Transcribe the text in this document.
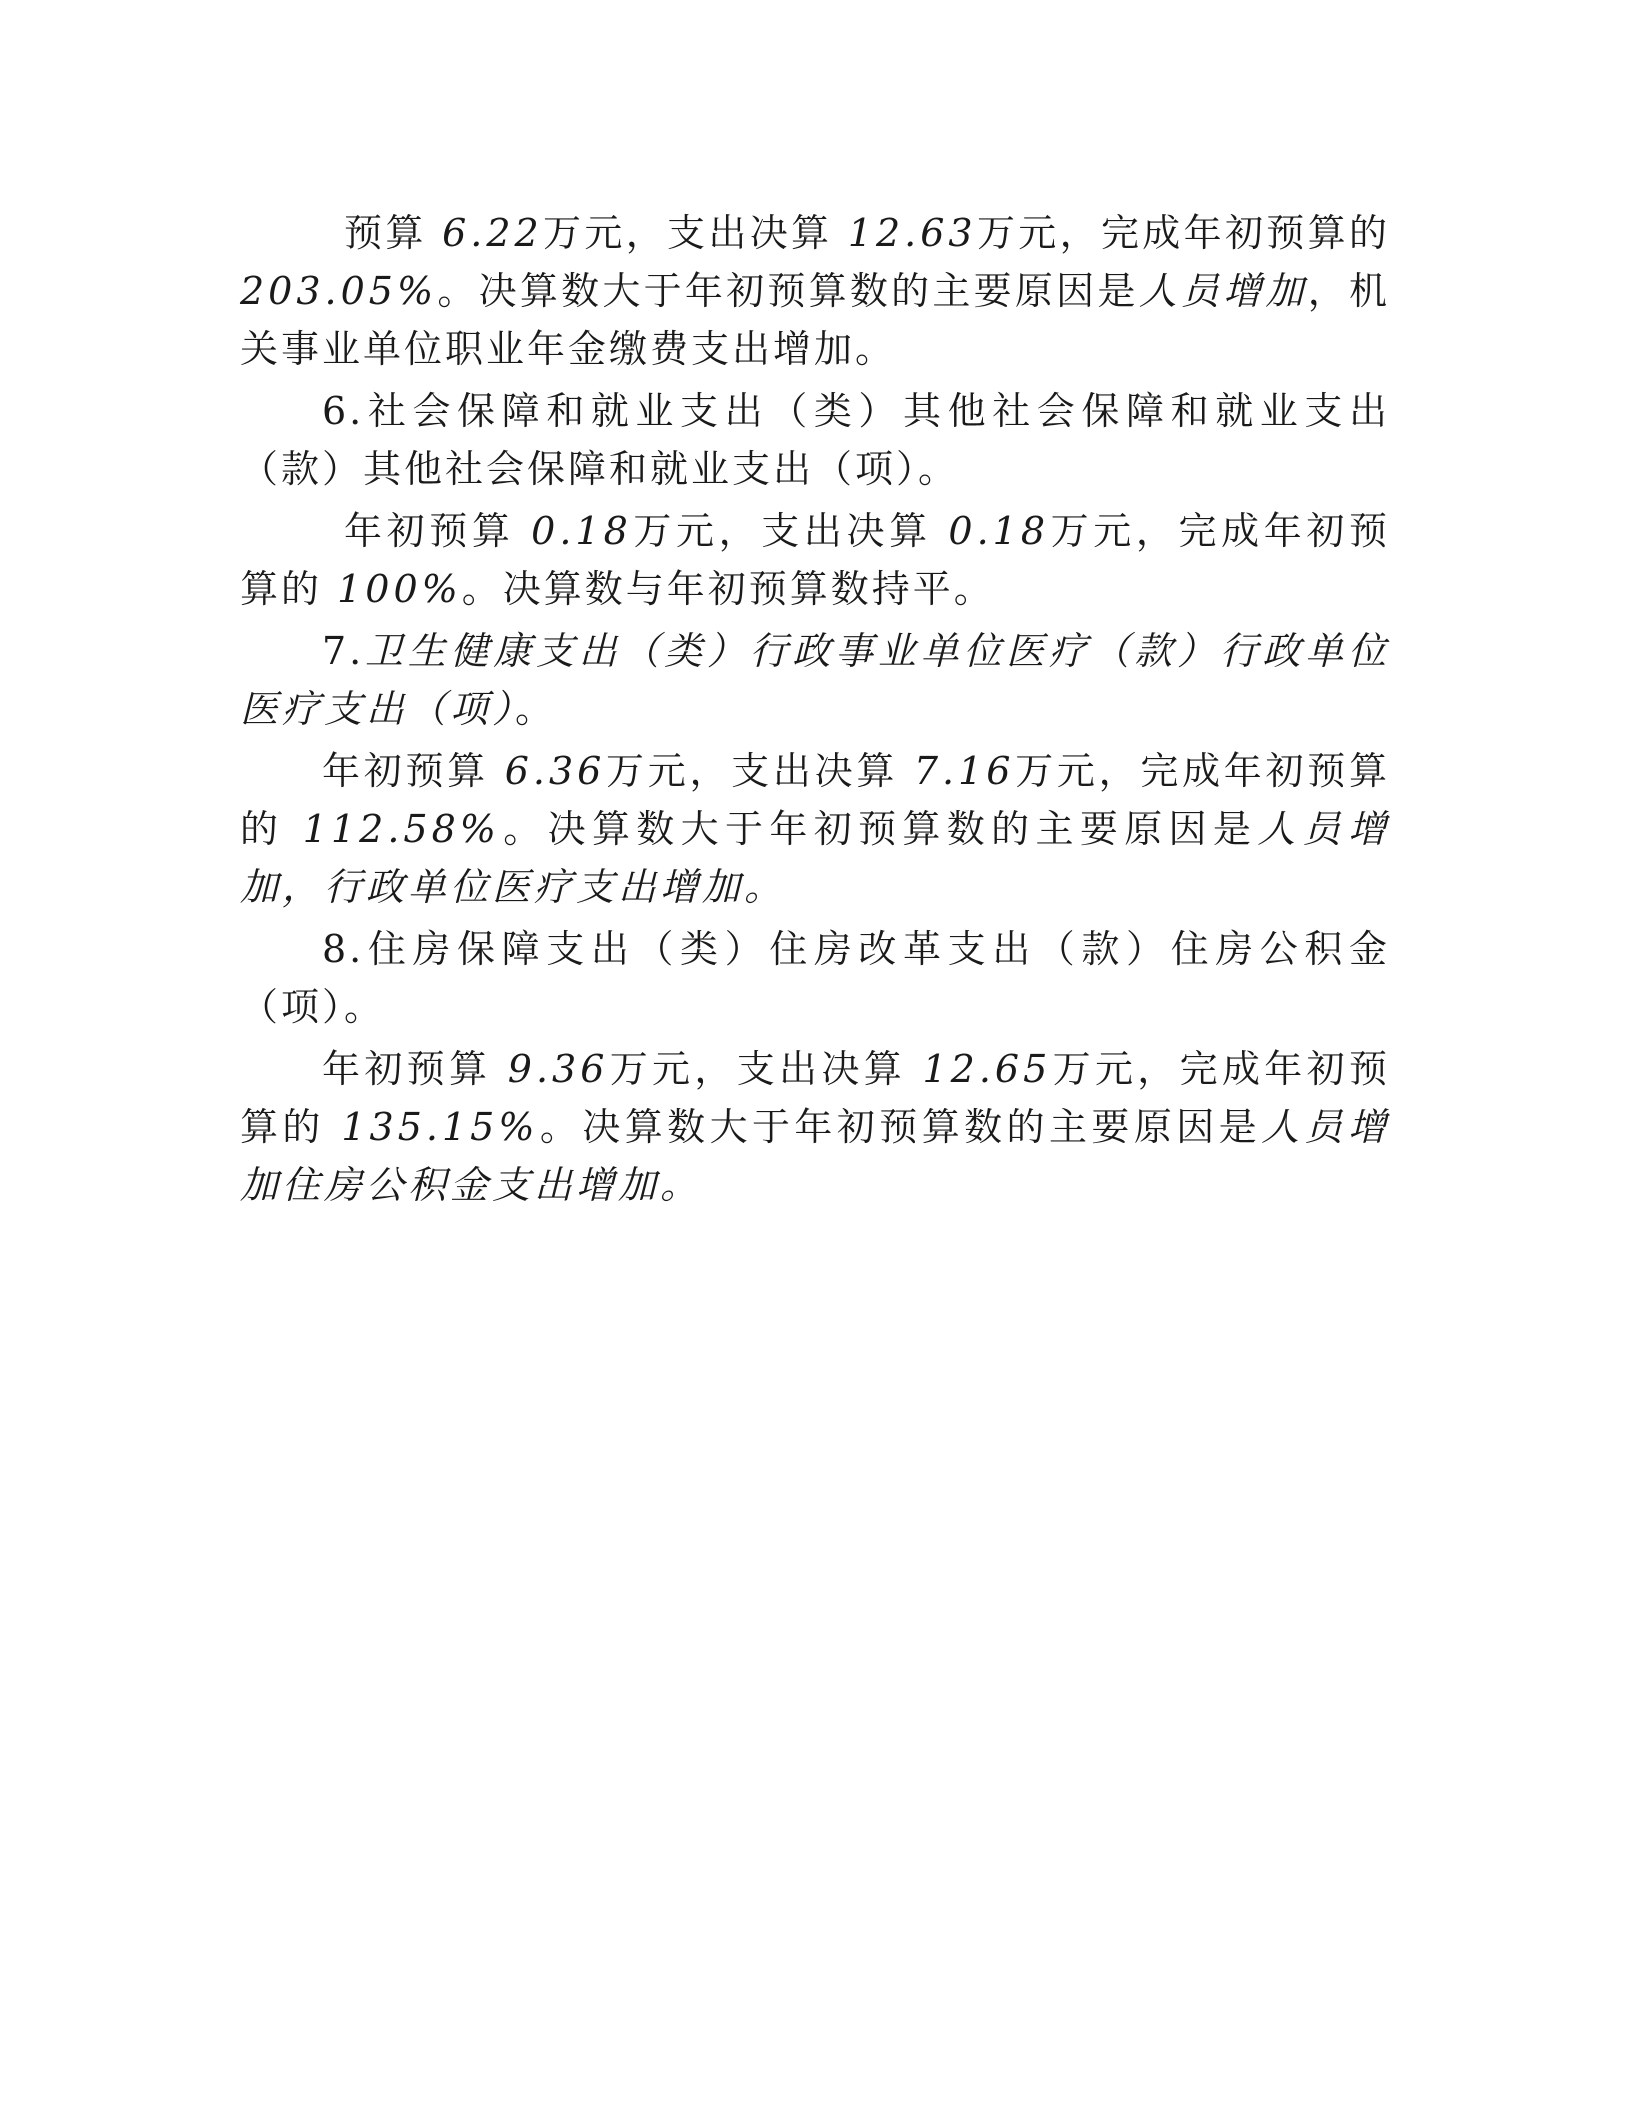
预算 6.22万元，支出决算 12.63万元，完成年初预算的 203.05%。决算数大于年初预算数的主要原因是人员增加，机关事业单位职业年金缴费支出增加。

6.社会保障和就业支出（类）其他社会保障和就业支出（款）其他社会保障和就业支出（项）。

年初预算 0.18万元，支出决算 0.18万元，完成年初预算的 100%。决算数与年初预算数持平。

7.卫生健康支出（类）行政事业单位医疗（款）行政单位医疗支出（项）。

年初预算 6.36万元，支出决算 7.16万元，完成年初预算的 112.58%。决算数大于年初预算数的主要原因是人员增加，行政单位医疗支出增加。

8.住房保障支出（类）住房改革支出（款）住房公积金（项）。

年初预算 9.36万元，支出决算 12.65万元，完成年初预算的 135.15%。决算数大于年初预算数的主要原因是人员增加住房公积金支出增加。
